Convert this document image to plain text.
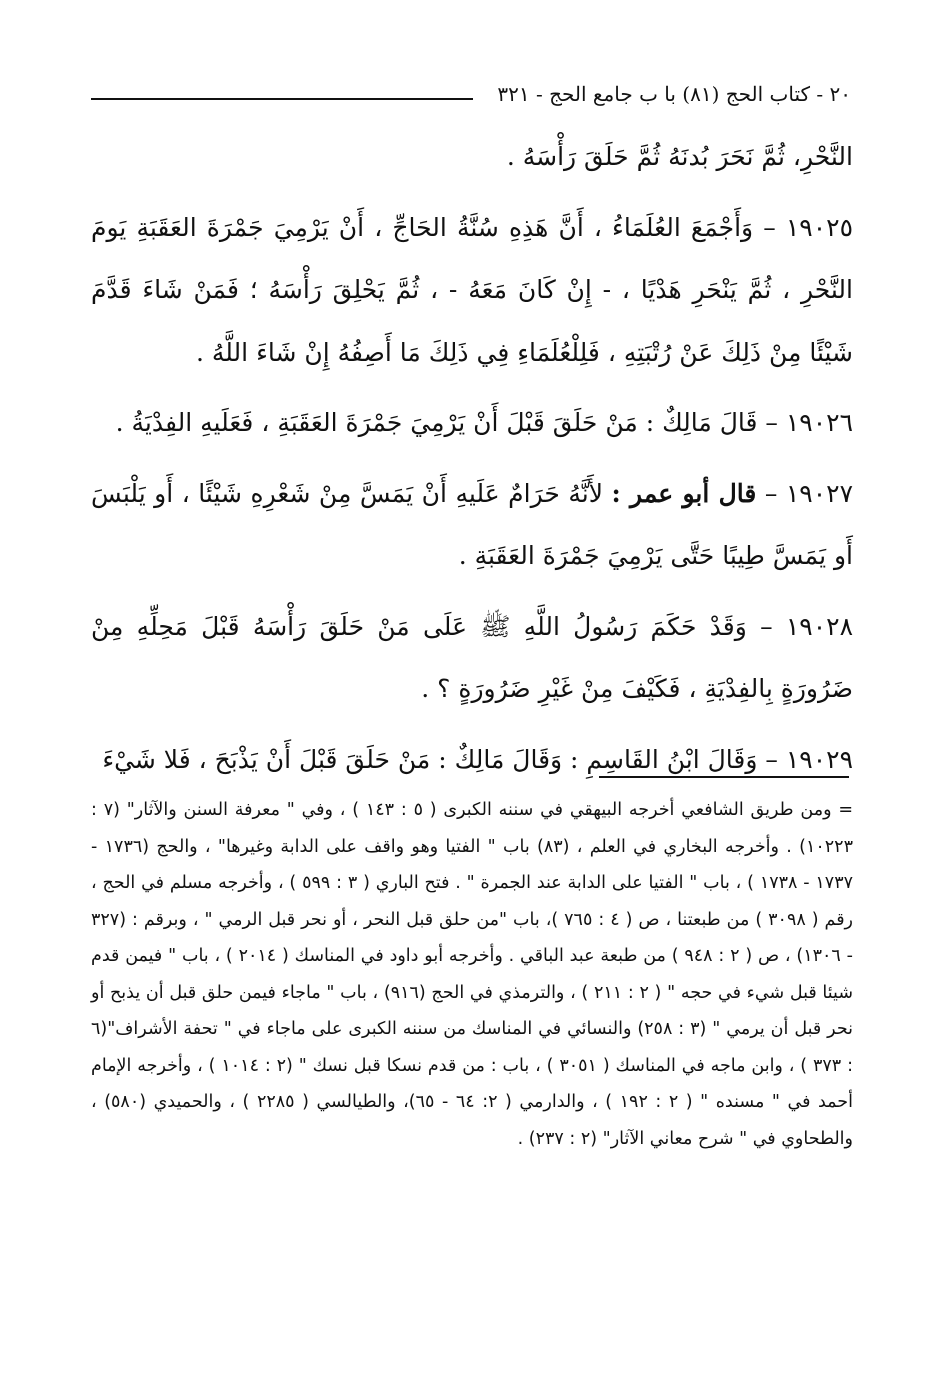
٢٠ - كتاب الحج (٨١) با ب جامع الحج - ٣٢١

النَّحْرِ، ثُمَّ نَحَرَ بُدنَهُ ثُمَّ حَلَقَ رَأْسَهُ .

١٩٠٢٥ – وَأَجْمَعَ العُلَمَاءُ ، أَنَّ هَذِهِ سُنَّةُ الحَاجِّ ، أَنْ يَرْمِيَ جَمْرَةَ العَقَبَةِ يَومَ النَّحْرِ ، ثُمَّ يَنْحَرِ هَدْيًا ، - إِنْ كَانَ مَعَهُ - ، ثُمَّ يَحْلِقَ رَأْسَهُ ؛ فَمَنْ شَاءَ قَدَّمَ شَيْئًا مِنْ ذَلِكَ عَنْ رُتْبَتِهِ ، فَلِلْعُلَمَاءِ فِي ذَلِكَ مَا أَصِفُهُ إِنْ شَاءَ اللَّهُ .

١٩٠٢٦ – قَالَ مَالِكٌ : مَنْ حَلَقَ قَبْلَ أَنْ يَرْمِيَ جَمْرَةَ العَقَبَةِ ، فَعَلَيهِ الفِدْيَةُ .

١٩٠٢٧ – قال أبو عمر : لأَنَّهُ حَرَامٌ عَلَيهِ أَنْ يَمَسَّ مِنْ شَعْرِهِ شَيْئًا ، أَو يَلْبَسَ أَو يَمَسَّ طِيبًا حَتَّى يَرْمِيَ جَمْرَةَ العَقَبَةِ .

١٩٠٢٨ – وَقَدْ حَكَمَ رَسُولُ اللَّهِ ﷺ عَلَى مَنْ حَلَقَ رَأْسَهُ قَبْلَ مَحِلِّهِ مِنْ ضَرُورَةٍ بِالفِدْيَةِ ، فَكَيْفَ مِنْ غَيْرِ ضَرُورَةٍ ؟ .

١٩٠٢٩ – وَقَالَ ابْنُ القَاسِمِ : وَقَالَ مَالِكٌ : مَنْ حَلَقَ قَبْلَ أَنْ يَذْبَحَ ، فَلا شَيْءَ

= ومن طريق الشافعي أخرجه البيهقي في سننه الكبرى ( ٥ : ١٤٣ ) ، وفي " معرفة السنن والآثار" (٧ : ١٠٢٢٣) . وأخرجه البخاري في العلم ، (٨٣) باب " الفتيا وهو واقف على الدابة وغيرها" ، والحج (١٧٣٦ - ١٧٣٧ - ١٧٣٨ ) ، باب " الفتيا على الدابة عند الجمرة " . فتح الباري ( ٣ : ٥٩٩ ) ، وأخرجه مسلم في الحج ، رقم ( ٣٠٩٨ ) من طبعتنا ، ص ( ٤ : ٧٦٥ )، باب "من حلق قبل النحر ، أو نحر قبل الرمي " ، وبرقم : (٣٢٧ - ١٣٠٦) ، ص ( ٢ : ٩٤٨ ) من طبعة عبد الباقي . وأخرجه أبو داود في المناسك ( ٢٠١٤ ) ، باب " فيمن قدم شيئا قبل شيء في حجه " ( ٢ : ٢١١ ) ، والترمذي في الحج (٩١٦) ، باب " ماجاء فيمن حلق قبل أن يذبح أو نحر قبل أن يرمي " (٣ : ٢٥٨) والنسائي في المناسك من سننه الكبرى على ماجاء في " تحفة الأشراف"(٦ : ٣٧٣ ) ، وابن ماجه في المناسك ( ٣٠٥١ ) ، باب : من قدم نسكا قبل نسك " (٢ : ١٠١٤ ) ، وأخرجه الإمام أحمد في " مسنده " ( ٢ : ١٩٢ ) ، والدارمي ( ٢: ٦٤ - ٦٥)، والطيالسي ( ٢٢٨٥ ) ، والحميدي (٥٨٠) ، والطحاوي في " شرح معاني الآثار" (٢ : ٢٣٧) .
